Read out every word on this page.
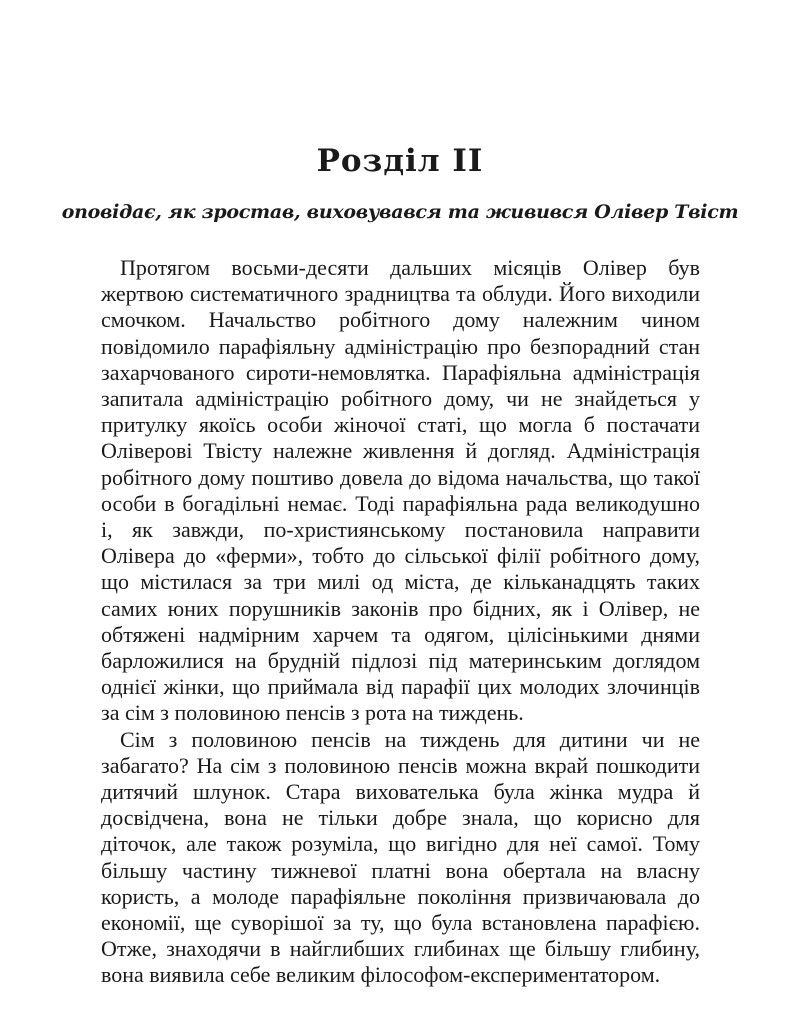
Розділ II
оповідає, як зростав, виховувався та живився Олівер Твіст

Протягом восьми-десяти дальших місяців Олівер був жертвою систематичного зрадництва та облуди. Його виходили смочком. Начальство робітного дому належним чином повідомило парафіяльну адміністрацію про безпорадний стан захарчованого сироти-немовлятка. Парафіяльна адміністрація запитала адміністрацію робітного дому, чи не знайдеться у притулку якоїсь особи жіночої статі, що могла б постачати Оліверові Твісту належне живлення й догляд. Адміністрація робітного дому поштиво довела до відома начальства, що такої особи в богадільні немає. Тоді парафіяльна рада великодушно і, як завжди, по-християнському постановила направити Олівера до «ферми», тобто до сільської філії робітного дому, що містилася за три милі од міста, де кільканадцять таких самих юних порушників законів про бідних, як і Олівер, не обтяжені надмірним харчем та одягом, цілісінькими днями барложилися на брудній підлозі під материнським доглядом однієї жінки, що приймала від парафії цих молодих злочинців за сім з половиною пенсів з рота на тиждень.

Сім з половиною пенсів на тиждень для дитини чи не забагато? На сім з половиною пенсів можна вкрай пошкодити дитячий шлунок. Стара вихователька була жінка мудра й досвідчена, вона не тільки добре знала, що корисно для діточок, але також розуміла, що вигідно для неї самої. Тому більшу частину тижневої платні вона обертала на власну користь, а молоде парафіяльне покоління призвичаювала до економії, ще суворішої за ту, що була встановлена парафією. Отже, знаходячи в найглибших глибинах ще більшу глибину, вона виявила себе великим філософом-експериментатором.
